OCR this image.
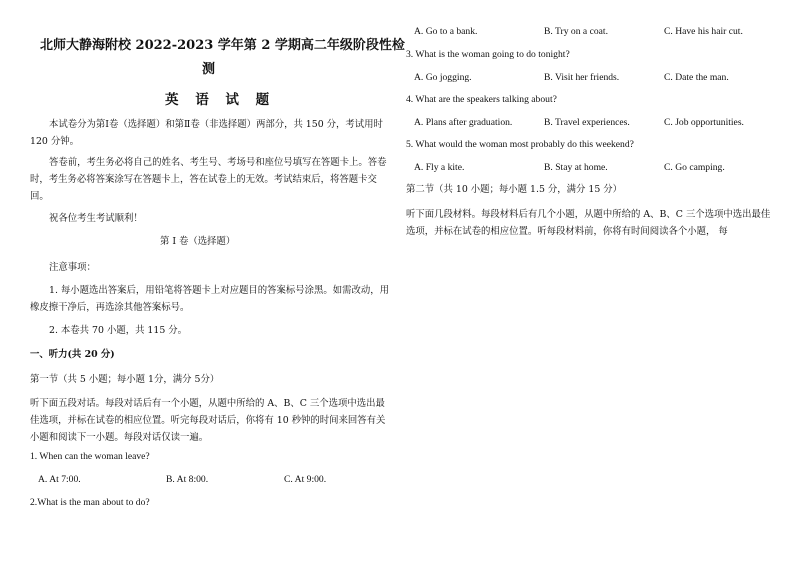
北师大静海附校 2022-2023 学年第 2 学期高二年级阶段性检
测
英 语 试 题
本试卷分为第Ⅰ卷（选择题）和第Ⅱ卷（非选择题）两部分，共 150 分，考试用时 120 分钟。
答卷前，考生务必将自己的姓名、考生号、考场号和座位号填写在答题卡上。答卷时，考生务必将答案涂写在答题卡上，答在试卷上的无效。考试结束后，将答题卡交回。
祝各位考生考试顺利！
第 Ⅰ 卷（选择题）
注意事项：
1. 每小题选出答案后，用铅笔将答题卡上对应题目的答案标号涂黑。如需改动，用橡皮擦干净后，再选涂其他答案标号。
2. 本卷共 70 小题，共 115 分。
一、听力(共 20 分)
第一节（共 5 小题；每小题 1分，满分 5分）
听下面五段对话。每段对话后有一个小题，从题中所给的 A、B、C 三个选项中选出最佳选项，并标在试卷的相应位置。听完每段对话后，你将有 10 秒钟的时间来回答有关小题和阅读下一小题。每段对话仅读一遍。
1. When can the woman leave?
A. At 7:00.	B. At 8:00.	C. At 9:00.
2.What is the man about to do?
A. Go to a bank.	B. Try on a coat.	C. Have his hair cut.
3. What is the woman going to do tonight?
A. Go jogging.	B. Visit her friends.	C. Date the man.
4. What are the speakers talking about?
A. Plans after graduation.	B. Travel experiences.	C. Job opportunities.
5. What would the woman most probably do this weekend?
A. Fly a kite.	B. Stay at home.	C. Go camping.
第二节（共 10 小题；每小题 1.5 分，满分 15 分）
听下面几段材料。每段材料后有几个小题，从题中所给的 A、B、C 三个选项中选出最佳选项，并标在试卷的相应位置。听每段材料前，你将有时间阅读各个小题， 每
